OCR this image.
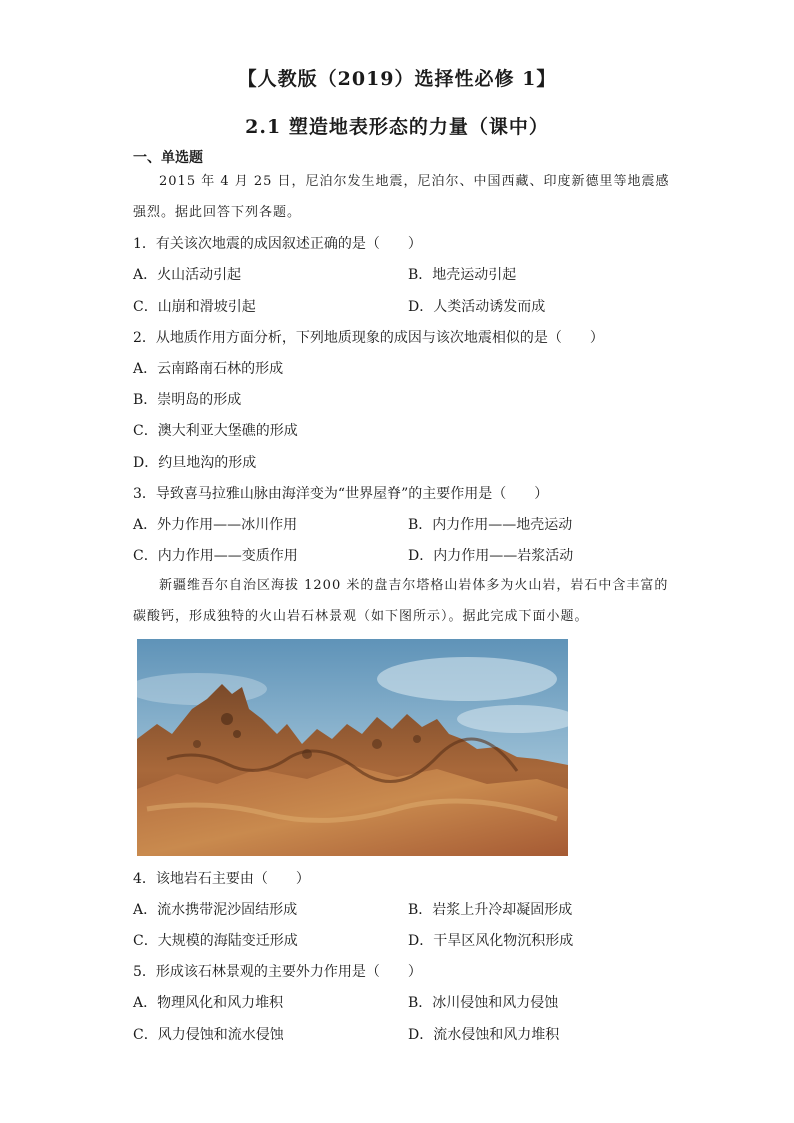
【人教版（2019）选择性必修 1】
2.1 塑造地表形态的力量（课中）
一、单选题
2015 年 4 月 25 日，尼泊尔发生地震，尼泊尔、中国西藏、印度新德里等地震感强烈。据此回答下列各题。
1．有关该次地震的成因叙述正确的是（　　）
A．火山活动引起	B．地壳运动引起
C．山崩和滑坡引起	D．人类活动诱发而成
2．从地质作用方面分析，下列地质现象的成因与该次地震相似的是（　　）
A．云南路南石林的形成
B．崇明岛的形成
C．澳大利亚大堡礁的形成
D．约旦地沟的形成
3．导致喜马拉雅山脉由海洋变为“世界屋脊”的主要作用是（　　）
A．外力作用——冰川作用	B．内力作用——地壳运动
C．内力作用——变质作用	D．内力作用——岩浆活动
新疆维吾尔自治区海拔 1200 米的盘吉尔塔格山岩体多为火山岩，岩石中含丰富的碳酸钙，形成独特的火山岩石林景观（如下图所示）。据此完成下面小题。
4．该地岩石主要由（　　）
A．流水携带泥沙固结形成	B．岩浆上升冷却凝固形成
C．大规模的海陆变迁形成	D．干旱区风化物沉积形成
5．形成该石林景观的主要外力作用是（　　）
A．物理风化和风力堆积	B．冰川侵蚀和风力侵蚀
C．风力侵蚀和流水侵蚀	D．流水侵蚀和风力堆积
